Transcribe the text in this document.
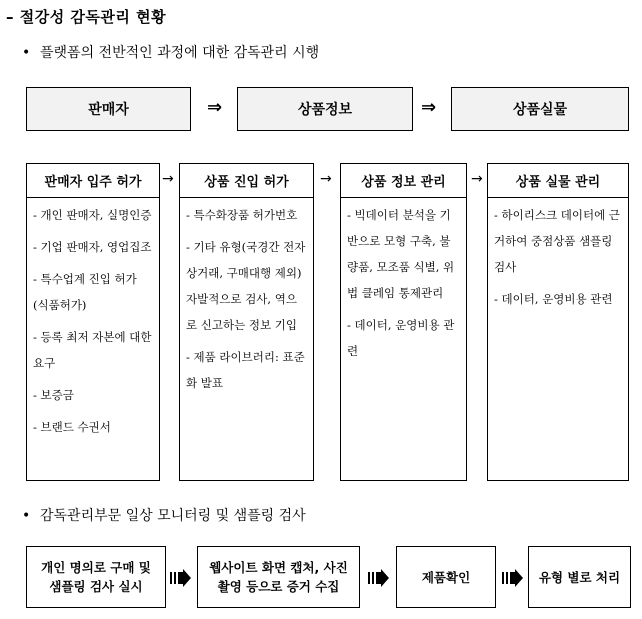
– 절강성 감독관리 현황
• 플랫폼의 전반적인 과정에 대한 감독관리 시행
판매자	⇒	상품정보	⇒	상품실물
판매자 입주 허가
- 개인 판매자, 실명인증
- 기업 판매자, 영업집조
- 특수업계 진입 허가 (식품허가)
- 등록 최저 자본에 대한 요구
- 보증금
- 브랜드 수권서
→	상품 진입 허가
- 특수화장품 허가번호
- 기타 유형(국경간 전자상거래, 구매대행 제외) 자발적으로 검사, 역으로 신고하는 정보 기입
- 제품 라이브러리: 표준화 발표
→	상품 정보 관리
- 빅데이터 분석을 기반으로 모형 구축, 불량품, 모조품 식별, 위법 클레임 통제관리
- 데이터, 운영비용 관련
→	상품 실물 관리
- 하이리스크 데이터에 근거하여 중점상품 샘플링 검사
- 데이터, 운영비용 관련
• 감독관리부문 일상 모니터링 및 샘플링 검사
개인 명의로 구매 및 샘플링 검사 실시
웹사이트 화면 캡처, 사진촬영 등으로 증거 수집
제품확인	유형 별로 처리
